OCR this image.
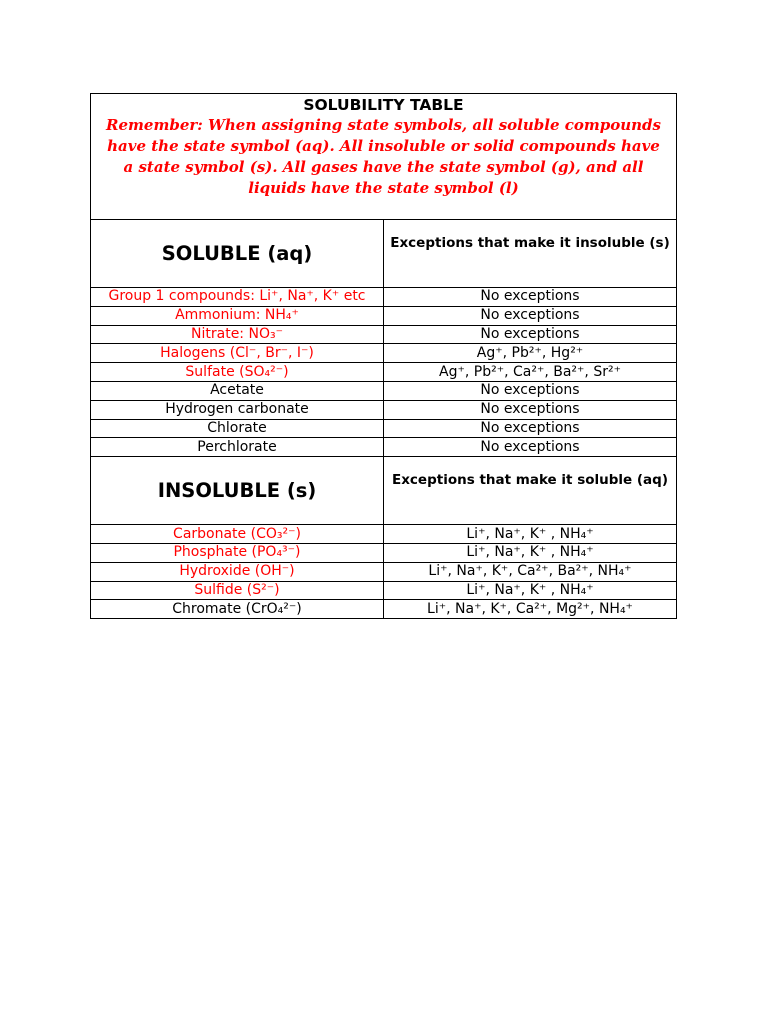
SOLUBILITY TABLE
Remember: When assigning state symbols, all soluble compounds have the state symbol (aq). All insoluble or solid compounds have a state symbol (s). All gases have the state symbol (g), and all liquids have the state symbol (l)	

SOLUBLE (aq)	Exceptions that make it insoluble (s)
Group 1 compounds: Li⁺, Na⁺, K⁺ etc	No exceptions
Ammonium: NH₄⁺	No exceptions
Nitrate: NO₃⁻	No exceptions
Halogens (Cl⁻, Br⁻, I⁻)	Ag⁺, Pb²⁺, Hg²⁺
Sulfate (SO₄²⁻)	Ag⁺, Pb²⁺, Ca²⁺, Ba²⁺, Sr²⁺
Acetate	No exceptions
Hydrogen carbonate	No exceptions
Chlorate	No exceptions
Perchlorate	No exceptions
INSOLUBLE (s)	Exceptions that make it soluble (aq)
Carbonate (CO₃²⁻)	Li⁺, Na⁺, K⁺ , NH₄⁺
Phosphate (PO₄³⁻)	Li⁺, Na⁺, K⁺ , NH₄⁺
Hydroxide (OH⁻)	Li⁺, Na⁺, K⁺, Ca²⁺, Ba²⁺, NH₄⁺
Sulfide (S²⁻)	Li⁺, Na⁺, K⁺ , NH₄⁺
Chromate (CrO₄²⁻)	Li⁺, Na⁺, K⁺, Ca²⁺, Mg²⁺, NH₄⁺
